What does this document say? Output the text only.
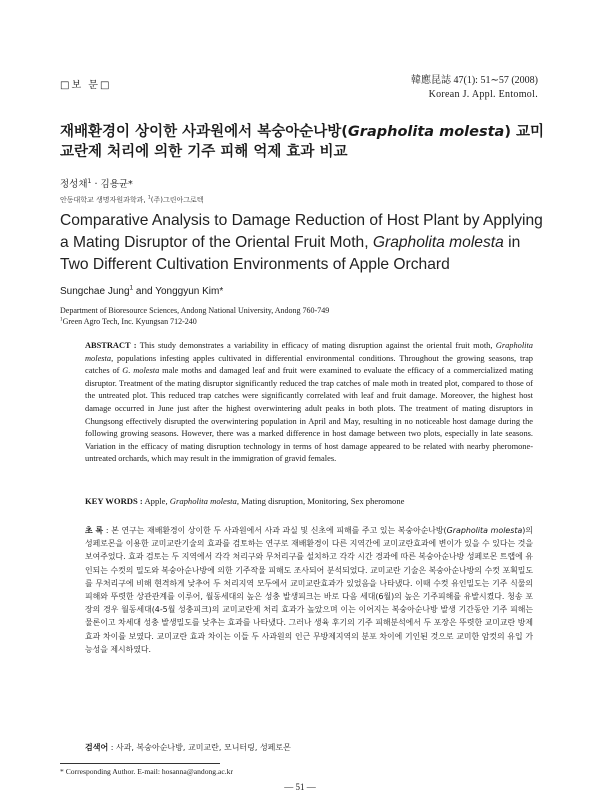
□보 문□	韓應昆誌 47(1): 51∼57 (2008)
Korean J. Appl. Entomol.
재배환경이 상이한 사과원에서 복숭아순나방(Grapholita molesta) 교미교란제 처리에 의한 기주 피해 억제 효과 비교
정성채$^1$ · 김용균*
안동대학교 생명자원과학과, $^1$(주)그린아그로텍
Comparative Analysis to Damage Reduction of Host Plant by Applying a Mating Disruptor of the Oriental Fruit Moth, Grapholita molesta in Two Different Cultivation Environments of Apple Orchard
Sungchae Jung$^1$ and Yonggyun Kim*
Department of Bioresource Sciences, Andong National University, Andong 760-749
$^1$Green Agro Tech, Inc. Kyungsan 712-240
ABSTRACT : This study demonstrates a variability in efficacy of mating disruption against the oriental fruit moth, Grapholita molesta, populations infesting apples cultivated in differential environmental conditions. Throughout the growing seasons, trap catches of G. molesta male moths and damaged leaf and fruit were examined to evaluate the efficacy of a commercialized mating disruptor. Treatment of the mating disruptor significantly reduced the trap catches of male moth in treated plot, compared to those of the untreated plot. This reduced trap catches were significantly correlated with leaf and fruit damage. Moreover, the highest host damage occurred in June just after the highest overwintering adult peaks in both plots. The treatment of mating disruptors in Chungsong effectively disrupted the overwintering population in April and May, resulting in no noticeable host damage during the following growing seasons. However, there was a marked difference in host damage between two plots, especially in late seasons. Variation in the efficacy of mating disruption technology in terms of host damage appeared to be related with nearby pheromone-untreated orchards, which may result in the immigration of gravid females.
KEY WORDS : Apple, Grapholita molesta, Mating disruption, Monitoring, Sex pheromone
초 록 : 본 연구는 재배환경이 상이한 두 사과원에서 사과 과실 및 신초에 피해를 주고 있는 복숭아순나방(Grapholita molesta)의 성페로몬을 이용한 교미교란기술의 효과를 검토하는 연구로 재배환경이 다른 지역간에 교미교란효과에 변이가 있을 수 있다는 것을 보여주었다. 효과 검토는 두 지역에서 각각 처리구와 무처리구를 설치하고 각각 시간 경과에 따른 복숭아순나방 성페로몬 트랩에 유인되는 수컷의 밀도와 복숭아순나방에 의한 기주작물 피해도 조사되어 분석되었다. 교미교란 기술은 복숭아순나방의 수컷 포획밀도를 무처리구에 비해 현격하게 낮추어 두 처리지역 모두에서 교미교란효과가 있었음을 나타냈다. 이때 수컷 유인밀도는 기주 식물의 피해와 뚜렷한 상관관계를 이루어, 월동세대의 높은 성충 발생피크는 바로 다음 세대(6월)의 높은 기주피해를 유발시켰다. 청송 포장의 경우 월동세대(4-5월 성충피크)의 교미교란제 처리 효과가 높았으며 이는 이어지는 복숭아순나방 발생 기간동안 기주 피해는 물론이고 차세대 성충 발생밀도를 낮추는 효과를 나타냈다. 그러나 생육 후기의 기주 피해분석에서 두 포장은 뚜렷한 교미교란 방제 효과 차이를 보였다. 교미교란 효과 차이는 이들 두 사과원의 인근 무방제지역의 분포 차이에 기인된 것으로 교미한 암컷의 유입 가능성을 제시하였다.
검색어 : 사과, 복숭아순나방, 교미교란, 모니터링, 성페로몬
* Corresponding Author. E-mail: hosanna@andong.ac.kr
— 51 —
